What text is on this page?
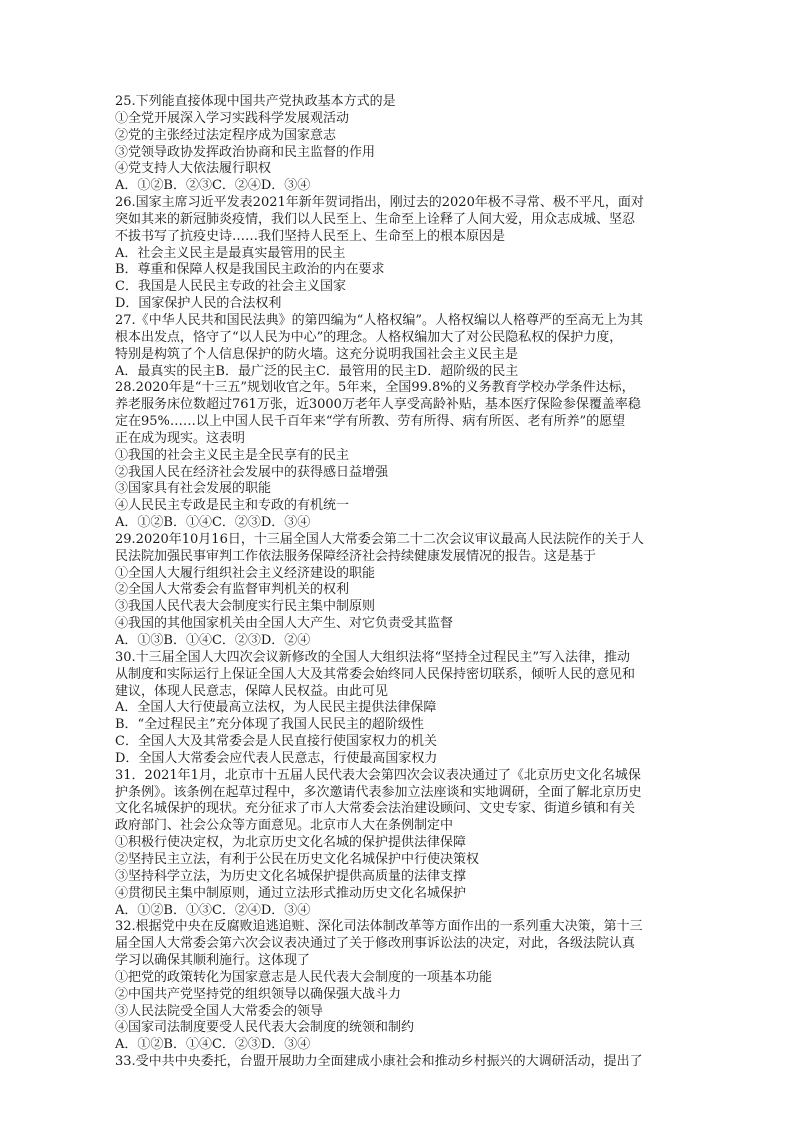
25.下列能直接体现中国共产党执政基本方式的是
①全党开展深入学习实践科学发展观活动
②党的主张经过法定程序成为国家意志
③党领导政协发挥政治协商和民主监督的作用
④党支持人大依法履行职权
A．①②B．②③C．②④D．③④
26.国家主席习近平发表2021年新年贺词指出，刚过去的2020年极不寻常、极不平凡，面对
突如其来的新冠肺炎疫情，我们以人民至上、生命至上诠释了人间大爱，用众志成城、坚忍
不拔书写了抗疫史诗……我们坚持人民至上、生命至上的根本原因是
A．社会主义民主是最真实最管用的民主
B．尊重和保障人权是我国民主政治的内在要求
C．我国是人民民主专政的社会主义国家
D．国家保护人民的合法权利
27.《中华人民共和国民法典》的第四编为“人格权编”。人格权编以人格尊严的至高无上为其
根本出发点，恪守了“以人民为中心”的理念。人格权编加大了对公民隐私权的保护力度，
特别是构筑了个人信息保护的防火墙。这充分说明我国社会主义民主是
A．最真实的民主B．最广泛的民主C．最管用的民主D．超阶级的民主
28.2020年是“十三五”规划收官之年。5年来，全国99.8%的义务教育学校办学条件达标，
养老服务床位数超过761万张，近3000万老年人享受高龄补贴，基本医疗保险参保覆盖率稳
定在95%……以上中国人民千百年来“学有所教、劳有所得、病有所医、老有所养”的愿望
正在成为现实。这表明
①我国的社会主义民主是全民享有的民主
②我国人民在经济社会发展中的获得感日益增强
③国家具有社会发展的职能
④人民民主专政是民主和专政的有机统一
A．①②B．①④C．②③D．③④
29.2020年10月16日，十三届全国人大常委会第二十二次会议审议最高人民法院作的关于人
民法院加强民事审判工作依法服务保障经济社会持续健康发展情况的报告。这是基于
①全国人大履行组织社会主义经济建设的职能
②全国人大常委会有监督审判机关的权利
③我国人民代表大会制度实行民主集中制原则
④我国的其他国家机关由全国人大产生、对它负责受其监督
A．①③B．①④C．②③D．②④
30.十三届全国人大四次会议新修改的全国人大组织法将“坚持全过程民主”写入法律，推动
从制度和实际运行上保证全国人大及其常委会始终同人民保持密切联系，倾听人民的意见和
建议，体现人民意志，保障人民权益。由此可见
A．全国人大行使最高立法权，为人民民主提供法律保障
B．“全过程民主”充分体现了我国人民民主的超阶级性
C．全国人大及其常委会是人民直接行使国家权力的机关
D．全国人大常委会应代表人民意志，行使最高国家权力
31．2021年1月，北京市十五届人民代表大会第四次会议表决通过了《北京历史文化名城保
护条例》。该条例在起草过程中，多次邀请代表参加立法座谈和实地调研，全面了解北京历史
文化名城保护的现状。充分征求了市人大常委会法治建设顾问、文史专家、街道乡镇和有关
政府部门、社会公众等方面意见。北京市人大在条例制定中
①积极行使决定权，为北京历史文化名城的保护提供法律保障
②坚持民主立法，有利于公民在历史文化名城保护中行使决策权
③坚持科学立法，为历史文化名城保护提供高质量的法律支撑
④贯彻民主集中制原则，通过立法形式推动历史文化名城保护
A．①②B．①③C．②④D．③④
32.根据党中央在反腐败追逃追赃、深化司法体制改革等方面作出的一系列重大决策，第十三
届全国人大常委会第六次会议表决通过了关于修改刑事诉讼法的决定，对此，各级法院认真
学习以确保其顺利施行。这体现了
①把党的政策转化为国家意志是人民代表大会制度的一项基本功能
②中国共产党坚持党的组织领导以确保强大战斗力
③人民法院受全国人大常委会的领导
④国家司法制度要受人民代表大会制度的统领和制约
A．①②B．①④C．②③D．③④
33.受中共中央委托，台盟开展助力全面建成小康社会和推动乡村振兴的大调研活动，提出了
